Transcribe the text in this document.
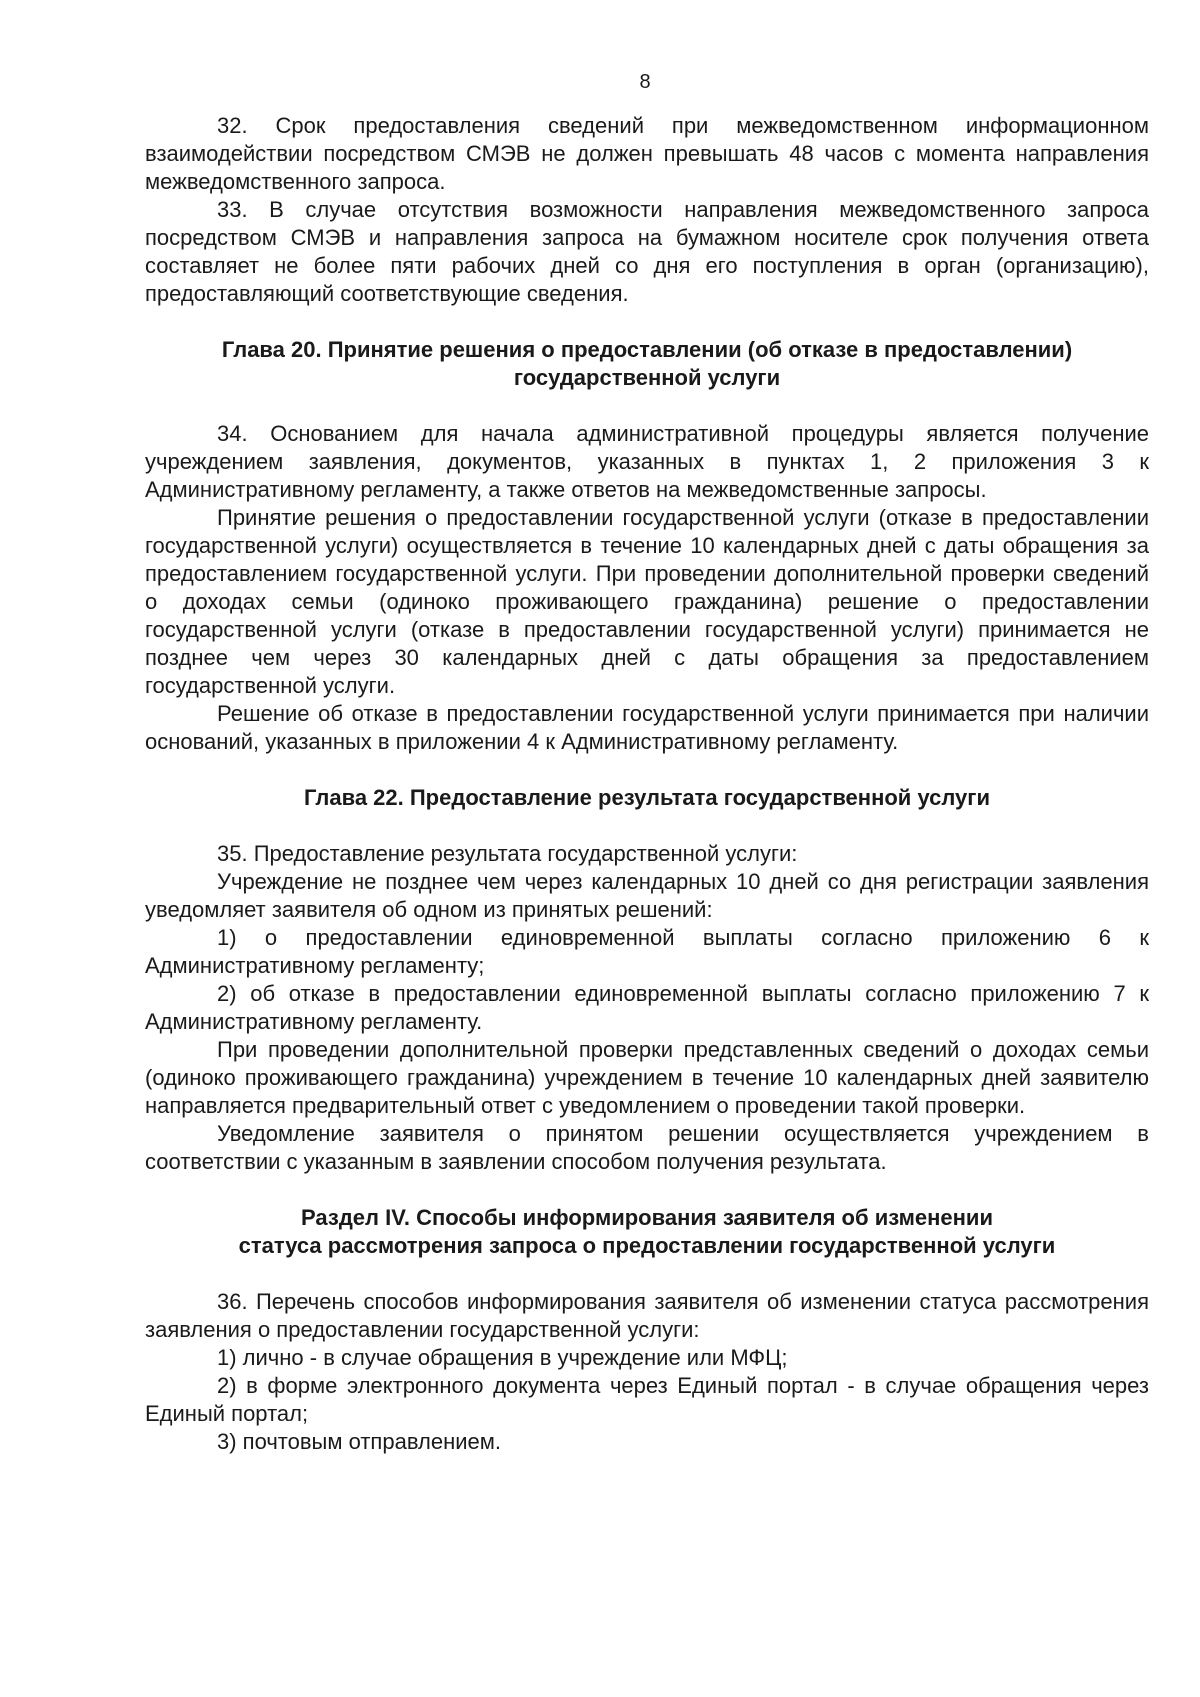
8

32. Срок предоставления сведений при межведомственном информационном взаимодействии посредством СМЭВ не должен превышать 48 часов с момента направления межведомственного запроса.

33. В случае отсутствия возможности направления межведомственного запроса посредством СМЭВ и направления запроса на бумажном носителе срок получения ответа составляет не более пяти рабочих дней со дня его поступления в орган (организацию), предоставляющий соответствующие сведения.

Глава 20. Принятие решения о предоставлении (об отказе в предоставлении)
государственной услуги

34. Основанием для начала административной процедуры является получение учреждением заявления, документов, указанных в пунктах 1, 2 приложения 3 к Административному регламенту, а также ответов на межведомственные запросы.

Принятие решения о предоставлении государственной услуги (отказе в предоставлении государственной услуги) осуществляется в течение 10 календарных дней с даты обращения за предоставлением государственной услуги. При проведении дополнительной проверки сведений о доходах семьи (одиноко проживающего гражданина) решение о предоставлении государственной услуги (отказе в предоставлении государственной услуги) принимается не позднее чем через 30 календарных дней с даты обращения за предоставлением государственной услуги.

Решение об отказе в предоставлении государственной услуги принимается при наличии оснований, указанных в приложении 4 к Административному регламенту.

Глава 22. Предоставление результата государственной услуги

35. Предоставление результата государственной услуги:

Учреждение не позднее чем через календарных 10 дней со дня регистрации заявления уведомляет заявителя об одном из принятых решений:

1) о предоставлении единовременной выплаты согласно приложению 6 к Административному регламенту;

2) об отказе в предоставлении единовременной выплаты согласно приложению 7 к Административному регламенту.

При проведении дополнительной проверки представленных сведений о доходах семьи (одиноко проживающего гражданина) учреждением в течение 10 календарных дней заявителю направляется предварительный ответ с уведомлением о проведении такой проверки.

Уведомление заявителя о принятом решении осуществляется учреждением в соответствии с указанным в заявлении способом получения результата.

Раздел IV. Способы информирования заявителя об изменении
статуса рассмотрения запроса о предоставлении государственной услуги

36. Перечень способов информирования заявителя об изменении статуса рассмотрения заявления о предоставлении государственной услуги:

1) лично - в случае обращения в учреждение или МФЦ;

2) в форме электронного документа через Единый портал - в случае обращения через Единый портал;

3) почтовым отправлением.
